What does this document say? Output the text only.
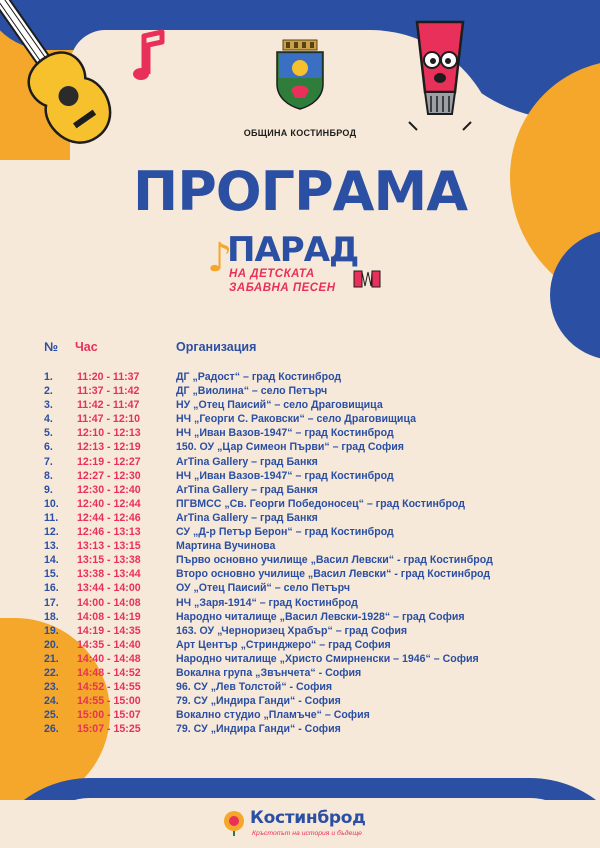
ОБЩИНА КОСТИНБРОД
ПРОГРАМА
♪
ПАРАД
НА ДЕТСКАТА
ЗАБАВНА ПЕСЕН
№ Час	Организация
1. 11:20 - 11:37	ДГ „Радост“ – град Костинброд
2. 11:37 - 11:42	ДГ „Виолина“ – село Петърч
3. 11:42 - 11:47	НУ „Отец Паисий“ – село Драговищица
4. 11:47 - 12:10	НЧ „Георги С. Раковски“ – село Драговищица
5. 12:10 - 12:13	НЧ „Иван Вазов-1947“ – град Костинброд
6. 12:13 - 12:19	150. ОУ „Цар Симеон Първи“ – град София
7. 12:19 - 12:27	ArTina Gallery – град Банкя
8. 12:27 - 12:30	НЧ „Иван Вазов-1947“ – град Костинброд
9. 12:30 - 12:40	ArTina Gallery – град Банкя
10. 12:40 - 12:44	ПГВМСС „Св. Георги Победоносец“ – град Костинброд
11. 12:44 - 12:46	ArTina Gallery – град Банкя
12. 12:46 - 13:13	СУ „Д-р Петър Берон“ – град Костинброд
13. 13:13 - 13:15	Мартина Вучинова
14. 13:15 - 13:38	Първо основно училище „Васил Левски“ - град Костинброд
15. 13:38 - 13:44	Второ основно училище „Васил Левски“ - град Костинброд
16. 13:44 - 14:00	ОУ „Отец Паисий“ – село Петърч
17. 14:00 - 14:08	НЧ „Заря-1914“ – град Костинброд
18. 14:08 - 14:19	Народно читалище „Васил Левски-1928“ – град София
19. 14:19 - 14:35	163. ОУ „Черноризец Храбър“ – град София
20. 14:35 - 14:40	Арт Център „Стринджеро“ – град София
21. 14:40 - 14:48	Народно читалище „Христо Смирненски – 1946“ – София
22. 14:48 - 14:52	Вокална група „Звънчета“ - София
23. 14:52 - 14:55	96. СУ „Лев Толстой“ - София
24. 14:55 - 15:00	79. СУ „Индира Ганди“ - София
25. 15:00 - 15:07	Вокално студио „Пламъче“ – София
26. 15:07 - 15:25	79. СУ „Индира Ганди“ - София
Костинброд
Кръстопът на история и бъдеще
